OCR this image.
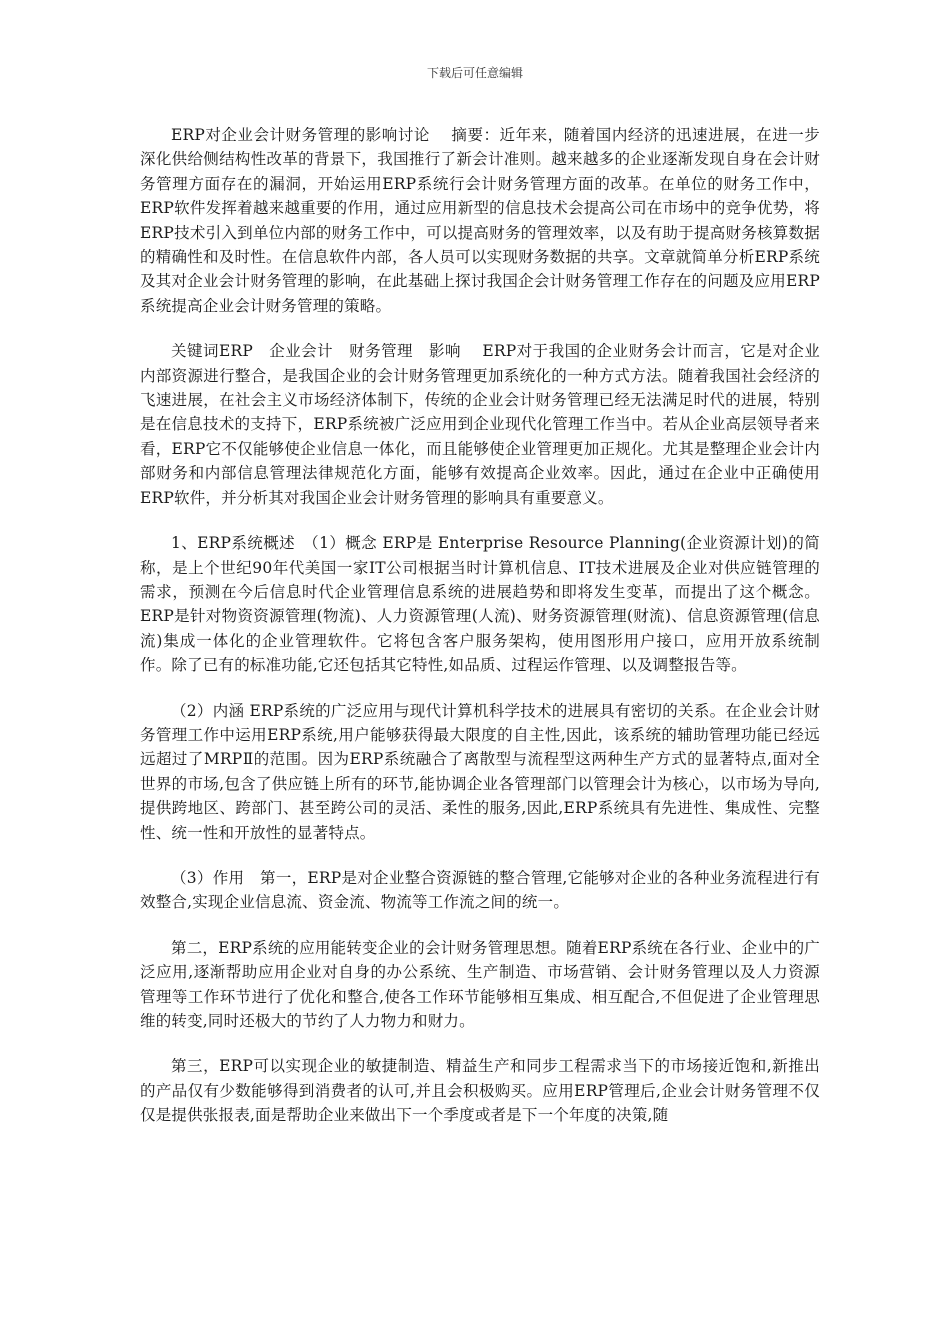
下载后可任意编辑

ERP对企业会计财务管理的影响讨论　 摘要：近年来，随着国内经济的迅速进展，在进一步深化供给侧结构性改革的背景下，我国推行了新会计准则。越来越多的企业逐渐发现自身在会计财务管理方面存在的漏洞，开始运用ERP系统行会计财务管理方面的改革。在单位的财务工作中，ERP软件发挥着越来越重要的作用，通过应用新型的信息技术会提高公司在市场中的竞争优势，将ERP技术引入到单位内部的财务工作中，可以提高财务的管理效率，以及有助于提高财务核算数据的精确性和及时性。在信息软件内部，各人员可以实现财务数据的共享。文章就简单分析ERP系统及其对企业会计财务管理的影响，在此基础上探讨我国企会计财务管理工作存在的问题及应用ERP系统提高企业会计财务管理的策略。

关键词ERP　企业会计　财务管理　影响　 ERP对于我国的企业财务会计而言，它是对企业内部资源进行整合，是我国企业的会计财务管理更加系统化的一种方式方法。随着我国社会经济的飞速进展，在社会主义市场经济体制下，传统的企业会计财务管理已经无法满足时代的进展，特别是在信息技术的支持下，ERP系统被广泛应用到企业现代化管理工作当中。若从企业高层领导者来看，ERP它不仅能够使企业信息一体化，而且能够使企业管理更加正规化。尤其是整理企业会计内部财务和内部信息管理法律规范化方面，能够有效提高企业效率。因此，通过在企业中正确使用ERP软件，并分析其对我国企业会计财务管理的影响具有重要意义。

1、ERP系统概述　（1）概念 ERP是 Enterprise Resource Planning(企业资源计划)的简称，是上个世纪90年代美国一家IT公司根据当时计算机信息、IT技术进展及企业对供应链管理的需求，预测在今后信息时代企业管理信息系统的进展趋势和即将发生变革，而提出了这个概念。ERP是针对物资资源管理(物流)、人力资源管理(人流)、财务资源管理(财流)、信息资源管理(信息流)集成一体化的企业管理软件。它将包含客户服务架构，使用图形用户接口，应用开放系统制作。除了已有的标准功能,它还包括其它特性,如品质、过程运作管理、以及调整报告等。

（2）内涵 ERP系统的广泛应用与现代计算机科学技术的进展具有密切的关系。在企业会计财务管理工作中运用ERP系统,用户能够获得最大限度的自主性,因此，该系统的辅助管理功能已经远远超过了MRPⅡ的范围。因为ERP系统融合了离散型与流程型这两种生产方式的显著特点,面对全世界的市场,包含了供应链上所有的环节,能协调企业各管理部门以管理会计为核心，以市场为导向,提供跨地区、跨部门、甚至跨公司的灵活、柔性的服务,因此,ERP系统具有先进性、集成性、完整性、统一性和开放性的显著特点。

（3）作用　第一，ERP是对企业整合资源链的整合管理,它能够对企业的各种业务流程进行有效整合,实现企业信息流、资金流、物流等工作流之间的统一。

第二，ERP系统的应用能转变企业的会计财务管理思想。随着ERP系统在各行业、企业中的广泛应用,逐渐帮助应用企业对自身的办公系统、生产制造、市场营销、会计财务管理以及人力资源管理等工作环节进行了优化和整合,使各工作环节能够相互集成、相互配合,不但促进了企业管理思维的转变,同时还极大的节约了人力物力和财力。

第三，ERP可以实现企业的敏捷制造、精益生产和同步工程需求当下的市场接近饱和,新推出的产品仅有少数能够得到消费者的认可,并且会积极购买。应用ERP管理后,企业会计财务管理不仅仅是提供张报表,面是帮助企业来做出下一个季度或者是下一个年度的决策,随
